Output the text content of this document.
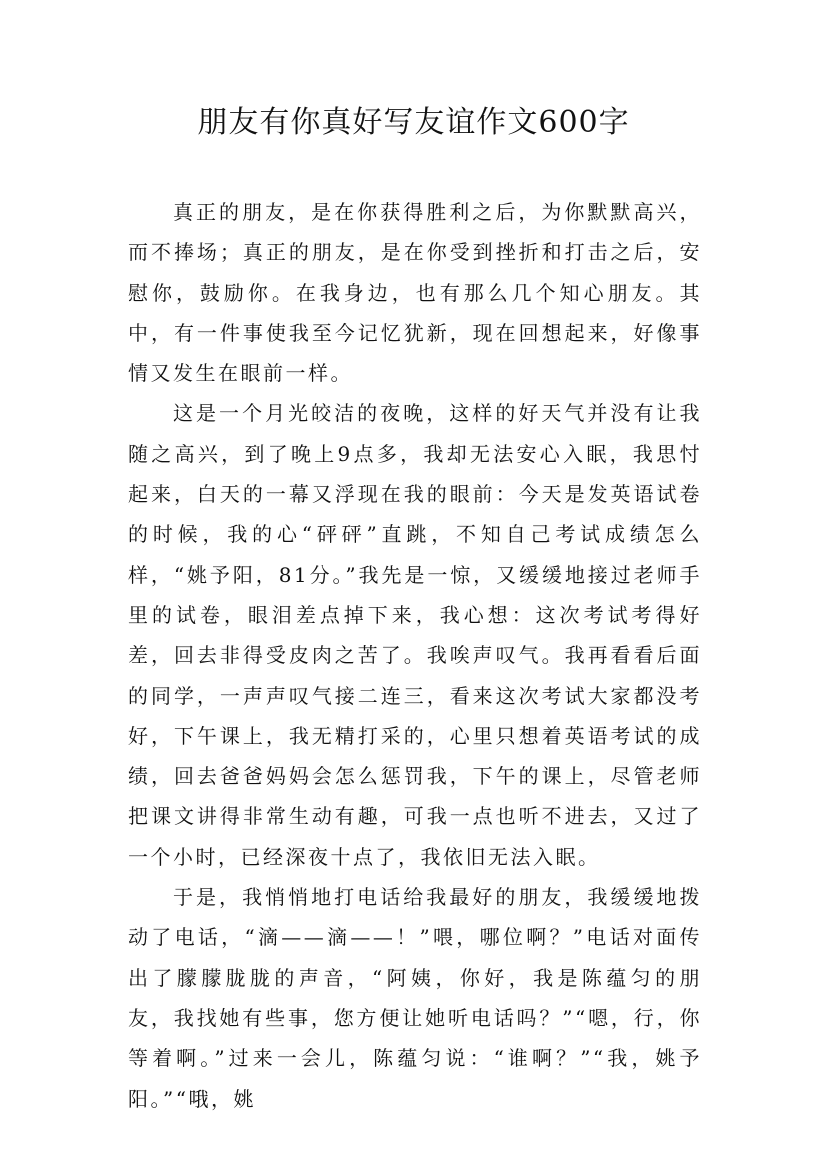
朋友有你真好写友谊作文600字

真正的朋友，是在你获得胜利之后，为你默默高兴，而不捧场；真正的朋友，是在你受到挫折和打击之后，安慰你，鼓励你。在我身边，也有那么几个知心朋友。其中，有一件事使我至今记忆犹新，现在回想起来，好像事情又发生在眼前一样。

这是一个月光皎洁的夜晚，这样的好天气并没有让我随之高兴，到了晚上9点多，我却无法安心入眠，我思忖起来，白天的一幕又浮现在我的眼前：今天是发英语试卷的时候，我的心“砰砰”直跳，不知自己考试成绩怎么样，“姚予阳，81分。”我先是一惊，又缓缓地接过老师手里的试卷，眼泪差点掉下来，我心想：这次考试考得好差，回去非得受皮肉之苦了。我唉声叹气。我再看看后面的同学，一声声叹气接二连三，看来这次考试大家都没考好，下午课上，我无精打采的，心里只想着英语考试的成绩，回去爸爸妈妈会怎么惩罚我，下午的课上，尽管老师把课文讲得非常生动有趣，可我一点也听不进去，又过了一个小时，已经深夜十点了，我依旧无法入眠。

于是，我悄悄地打电话给我最好的朋友，我缓缓地拨动了电话，“滴——滴——！”喂，哪位啊？”电话对面传出了朦朦胧胧的声音，“阿姨，你好，我是陈蕴匀的朋友，我找她有些事，您方便让她听电话吗？”“嗯，行，你等着啊。”过来一会儿，陈蕴匀说：“谁啊？”“我，姚予阳。”“哦，姚
